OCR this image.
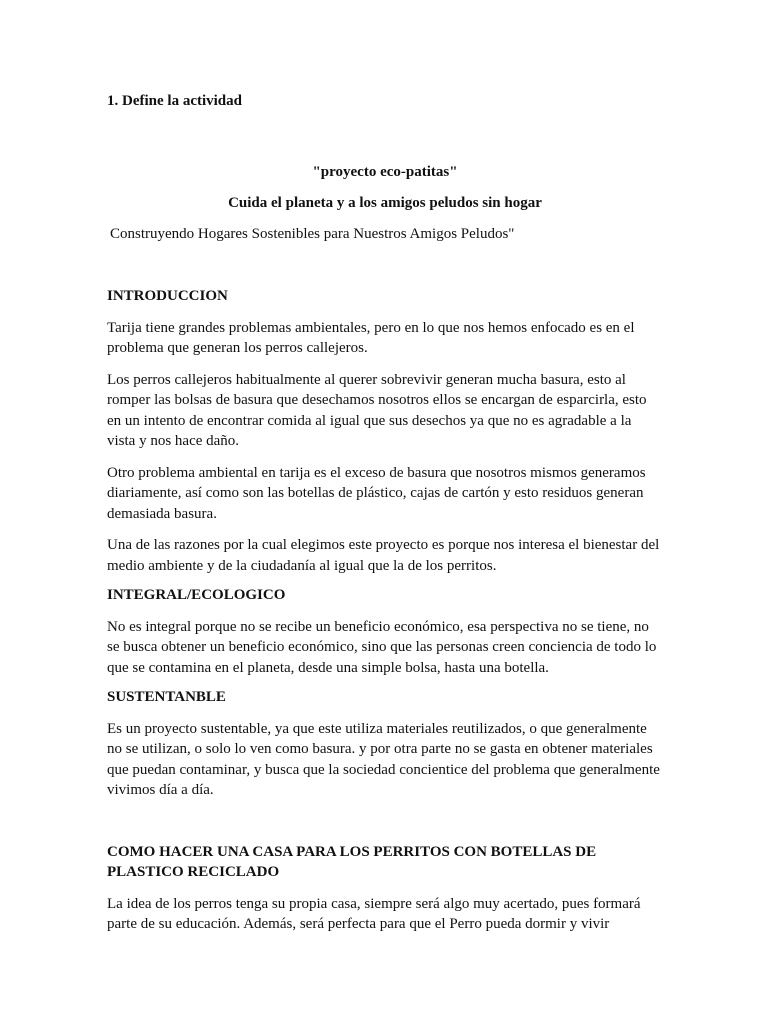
1. Define la actividad

"proyecto eco-patitas"

Cuida el planeta y a los amigos peludos sin hogar

Construyendo Hogares Sostenibles para Nuestros Amigos Peludos"

INTRODUCCION

Tarija tiene grandes problemas ambientales, pero en lo que nos hemos enfocado es en el problema que generan los perros callejeros.

Los perros callejeros habitualmente al querer sobrevivir generan mucha basura, esto al romper las bolsas de basura que desechamos nosotros ellos se encargan de esparcirla, esto en un intento de encontrar comida al igual que sus desechos ya que no es agradable a la vista y nos hace daño.

Otro problema ambiental en tarija es el exceso de basura que nosotros mismos generamos diariamente, así como son las botellas de plástico, cajas de cartón y esto residuos generan demasiada basura.

Una de las razones por la cual elegimos este proyecto es porque nos interesa el bienestar del medio ambiente y de la ciudadanía al igual que la de los perritos.

INTEGRAL/ECOLOGICO

No es integral porque no se recibe un beneficio económico, esa perspectiva no se tiene, no se busca obtener un beneficio económico, sino que las personas creen conciencia de todo lo que se contamina en el planeta, desde una simple bolsa, hasta una botella.

SUSTENTANBLE

Es un proyecto sustentable, ya que este utiliza materiales reutilizados, o que generalmente no se utilizan, o solo lo ven como basura. y por otra parte no se gasta en obtener materiales que puedan contaminar, y busca que la sociedad concientice del problema que generalmente vivimos día a día.

COMO HACER UNA CASA PARA LOS PERRITOS CON BOTELLAS DE PLASTICO RECICLADO

La idea de los perros tenga su propia casa, siempre será algo muy acertado, pues formará parte de su educación. Además, será perfecta para que el Perro pueda dormir y vivir
